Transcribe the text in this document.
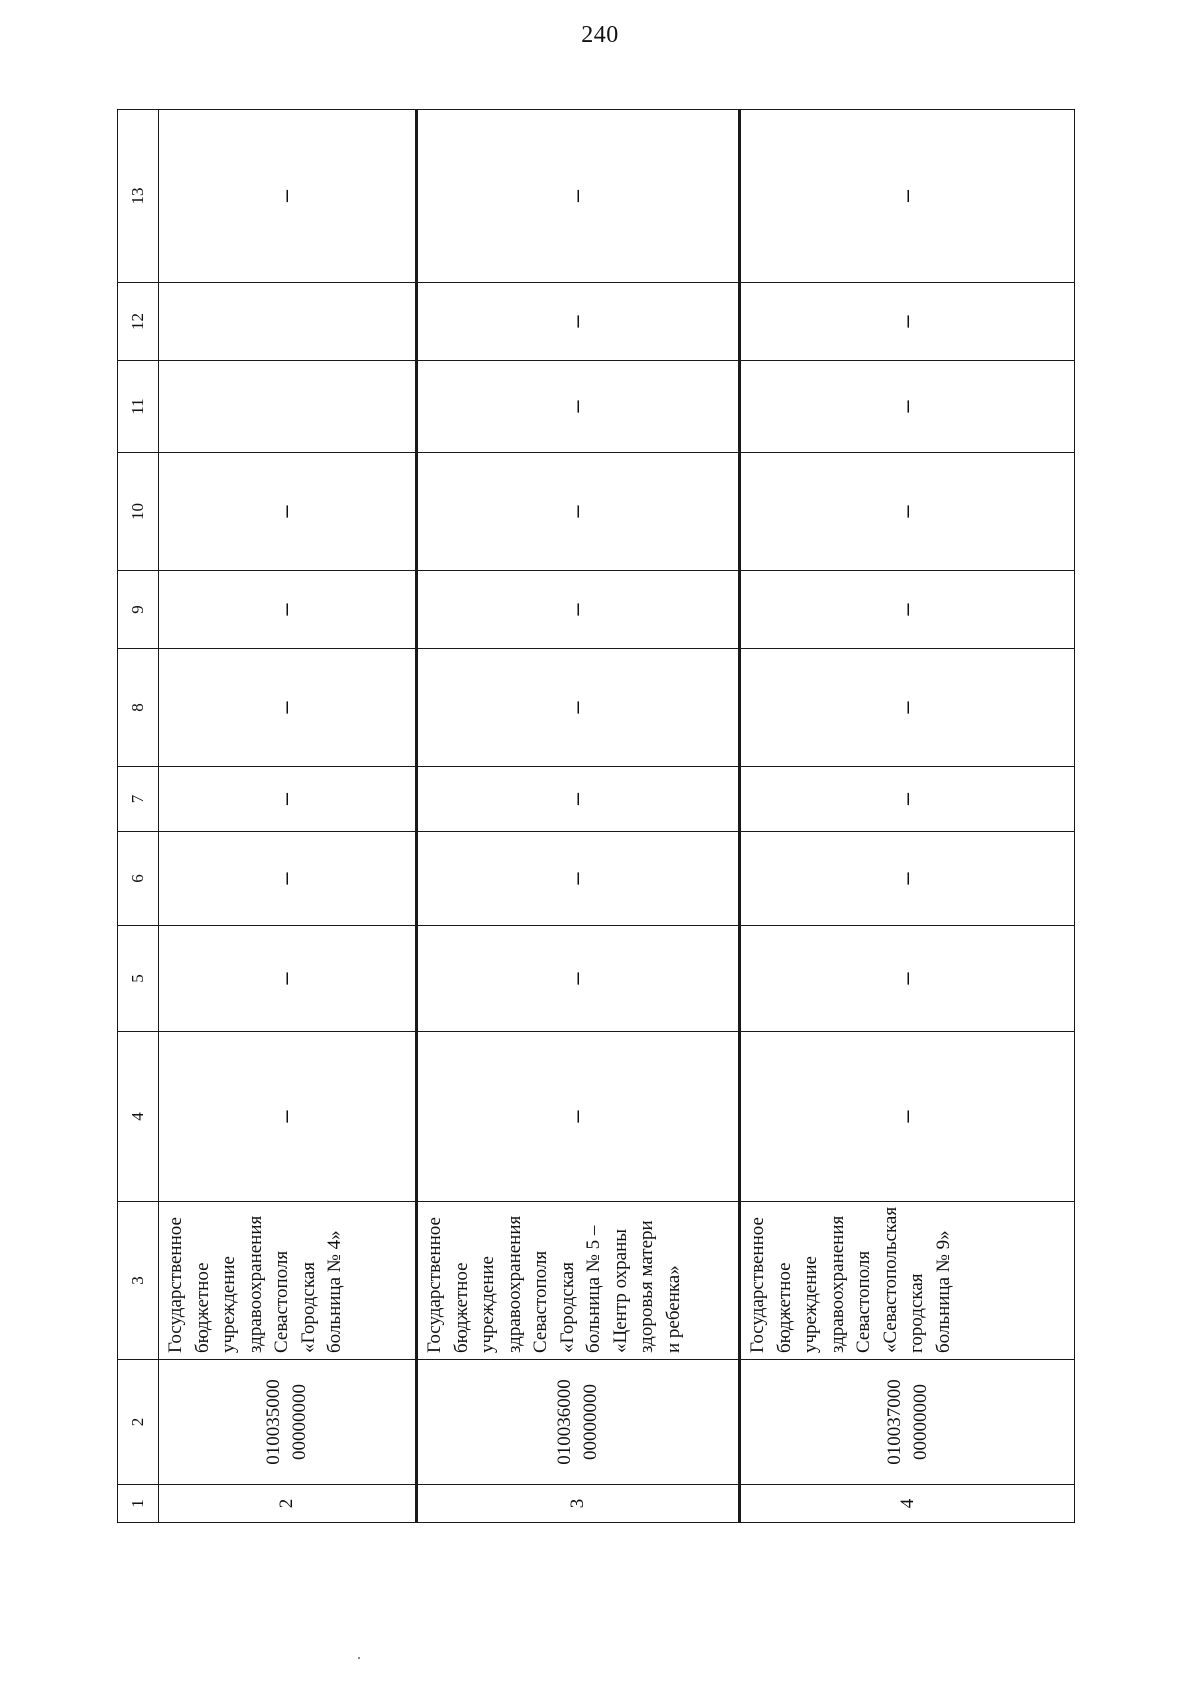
240
1	2	3	4	5	6	7	8	9	10	11	12	13
2	010035000 00000000	Государственное бюджетное учреждение здравоохранения Севастополя «Городская больница № 4»	–	–	–	–	–	–	–			–
3	010036000 00000000	Государственное бюджетное учреждение здравоохранения Севастополя «Городская больница № 5 – «Центр охраны здоровья матери и ребенка»	–	–	–	–	–	–	–	–	–	–
4	010037000 00000000	Государственное бюджетное учреждение здравоохранения Севастополя «Севастопольская городская больница № 9»	–	–	–	–	–	–	–	–	–	–
